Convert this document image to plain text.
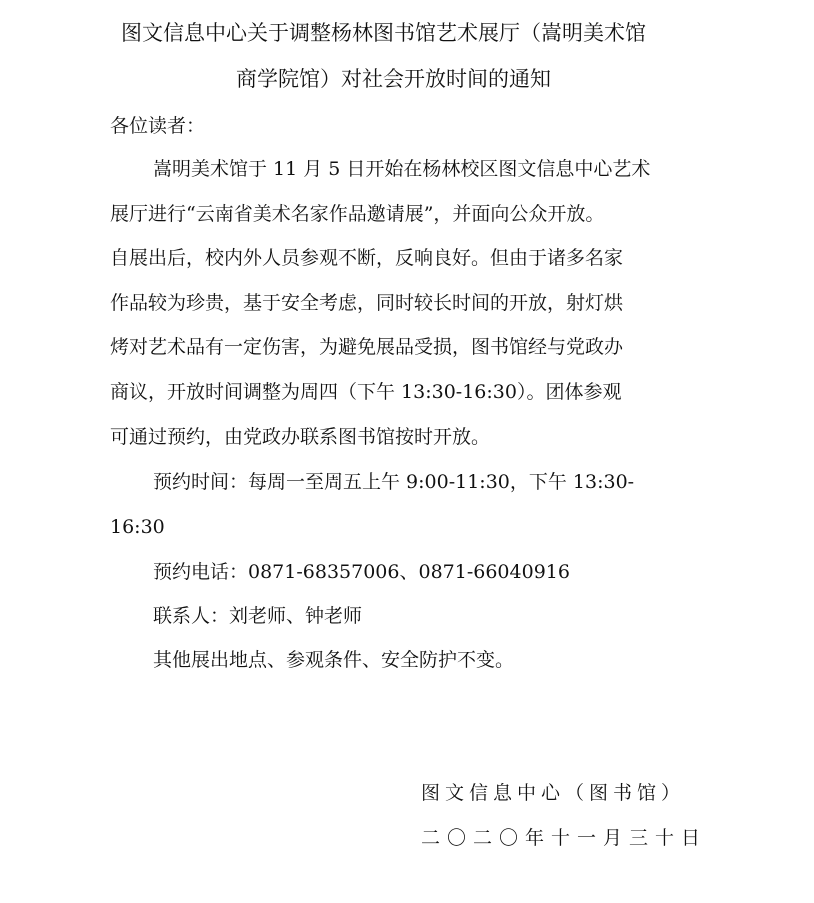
图文信息中心关于调整杨林图书馆艺术展厅（嵩明美术馆
商学院馆）对社会开放时间的通知
各位读者：
嵩明美术馆于 11 月 5 日开始在杨林校区图文信息中心艺术
展厅进行“云南省美术名家作品邀请展”，并面向公众开放。
自展出后，校内外人员参观不断，反响良好。但由于诸多名家
作品较为珍贵，基于安全考虑，同时较长时间的开放，射灯烘
烤对艺术品有一定伤害，为避免展品受损，图书馆经与党政办
商议，开放时间调整为周四（下午 13:30-16:30）。团体参观
可通过预约，由党政办联系图书馆按时开放。
预约时间：每周一至周五上午 9:00-11:30，下午 13:30-
16:30
预约电话：0871-68357006、0871-66040916
联系人：刘老师、钟老师
其他展出地点、参观条件、安全防护不变。
图文信息中心（图书馆）
二〇二〇年十一月三十日
